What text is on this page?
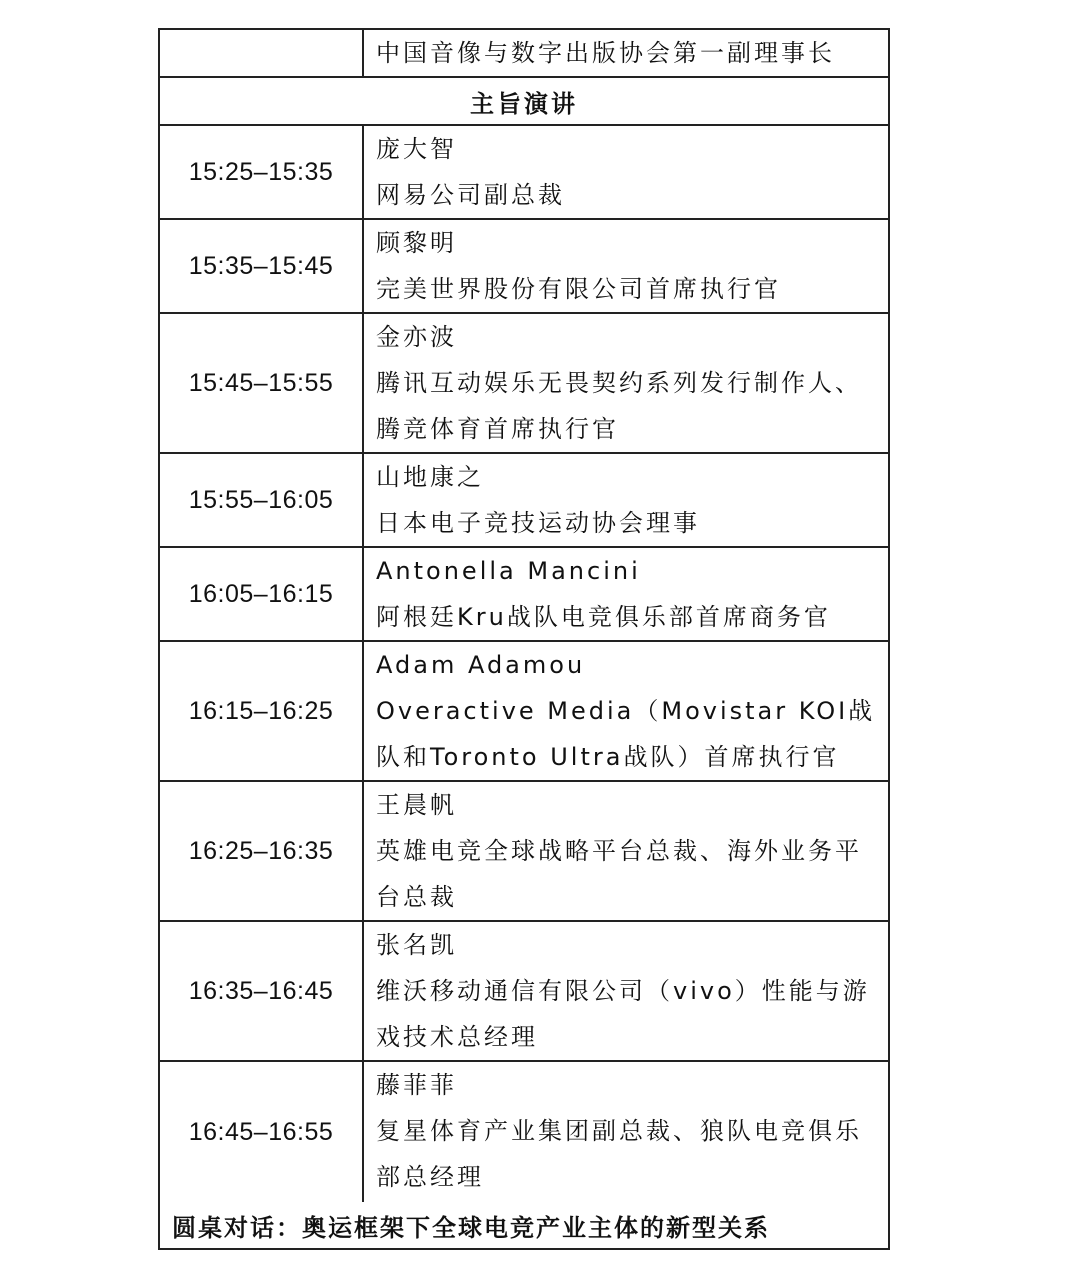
中国音像与数字出版协会第一副理事长
主旨演讲
15:25–15:35
庞大智
网易公司副总裁
15:35–15:45
顾黎明
完美世界股份有限公司首席执行官
15:45–15:55
金亦波
腾讯互动娱乐无畏契约系列发行制作人、腾竞体育首席执行官
15:55–16:05
山地康之
日本电子竞技运动协会理事
16:05–16:15
Antonella Mancini
阿根廷Kru战队电竞俱乐部首席商务官
16:15–16:25
Adam Adamou
Overactive Media（Movistar KOI战队和Toronto Ultra战队）首席执行官
16:25–16:35
王晨帆
英雄电竞全球战略平台总裁、海外业务平台总裁
16:35–16:45
张名凯
维沃移动通信有限公司（vivo）性能与游戏技术总经理
16:45–16:55
藤菲菲
复星体育产业集团副总裁、狼队电竞俱乐部总经理
圆桌对话：奥运框架下全球电竞产业主体的新型关系
